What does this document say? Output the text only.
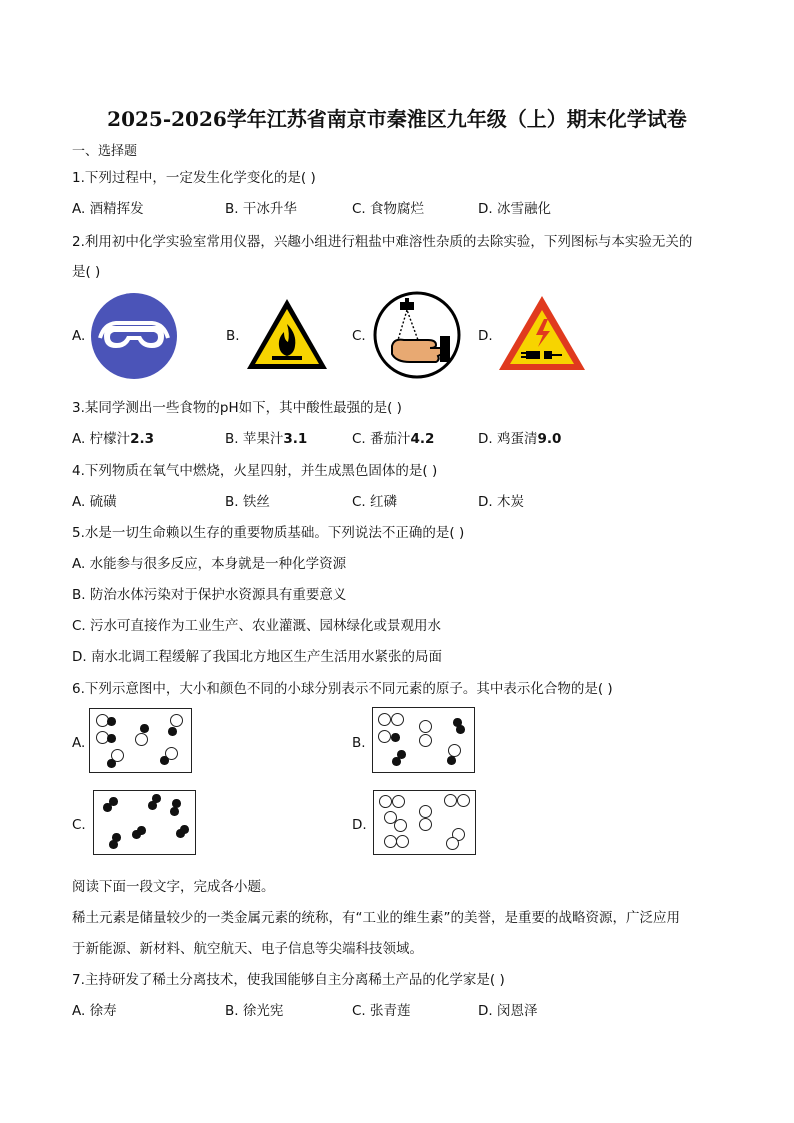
2025-2026学年江苏省南京市秦淮区九年级（上）期末化学试卷
一、选择题
1.下列过程中，一定发生化学变化的是( )
A. 酒精挥发	B. 干冰升华	C. 食物腐烂	D. 冰雪融化
2.利用初中化学实验室常用仪器，兴趣小组进行粗盐中难溶性杂质的去除实验，下列图标与本实验无关的
是( )
A.	B.	C.	D.
3.某同学测出一些食物的pH如下，其中酸性最强的是( )
A. 柠檬汁2.3	B. 苹果汁3.1	C. 番茄汁4.2	D. 鸡蛋清9.0
4.下列物质在氧气中燃烧，火星四射，并生成黑色固体的是( )
A. 硫磺	B. 铁丝	C. 红磷	D. 木炭
5.水是一切生命赖以生存的重要物质基础。下列说法不正确的是( )
A. 水能参与很多反应，本身就是一种化学资源
B. 防治水体污染对于保护水资源具有重要意义
C. 污水可直接作为工业生产、农业灌溉、园林绿化或景观用水
D. 南水北调工程缓解了我国北方地区生产生活用水紧张的局面
6.下列示意图中，大小和颜色不同的小球分别表示不同元素的原子。其中表示化合物的是( )
A.	B.
C.	D.
阅读下面一段文字，完成各小题。
稀土元素是储量较少的一类金属元素的统称，有“工业的维生素”的美誉，是重要的战略资源，广泛应用
于新能源、新材料、航空航天、电子信息等尖端科技领域。
7.主持研发了稀土分离技术，使我国能够自主分离稀土产品的化学家是( )
A. 徐寿	B. 徐光宪	C. 张青莲	D. 闵恩泽
